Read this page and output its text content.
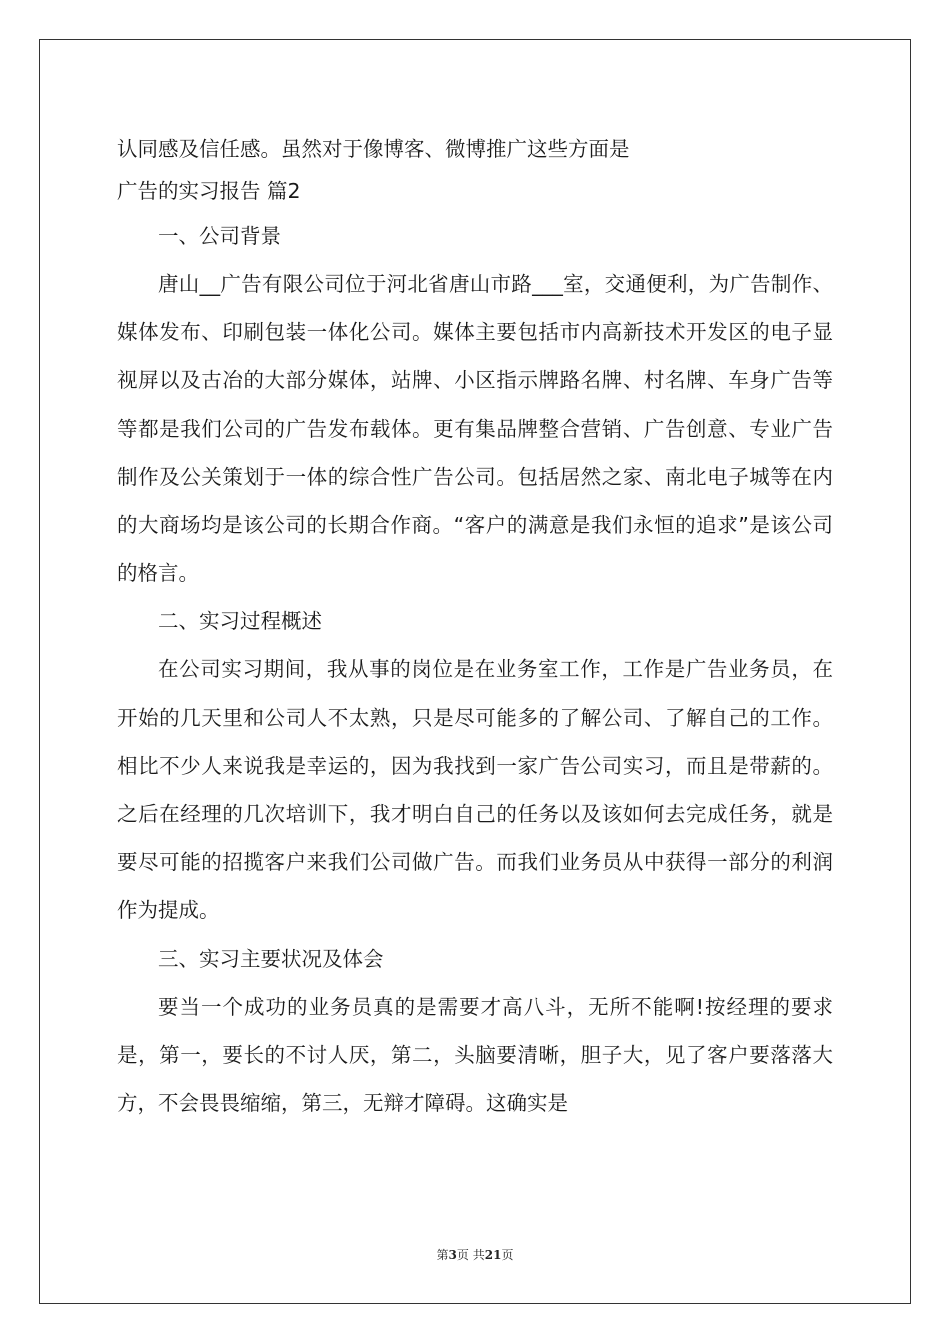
认同感及信任感。虽然对于像博客、微博推广这些方面是

广告的实习报告 篇2

一、公司背景

唐山__广告有限公司位于河北省唐山市路___室，交通便利，为广告制作、媒体发布、印刷包装一体化公司。媒体主要包括市内高新技术开发区的电子显视屏以及古冶的大部分媒体，站牌、小区指示牌路名牌、村名牌、车身广告等等都是我们公司的广告发布载体。更有集品牌整合营销、广告创意、专业广告制作及公关策划于一体的综合性广告公司。包括居然之家、南北电子城等在内的大商场均是该公司的长期合作商。“客户的满意是我们永恒的追求”是该公司的格言。

二、实习过程概述

在公司实习期间，我从事的岗位是在业务室工作，工作是广告业务员，在开始的几天里和公司人不太熟，只是尽可能多的了解公司、了解自己的工作。相比不少人来说我是幸运的，因为我找到一家广告公司实习，而且是带薪的。之后在经理的几次培训下，我才明白自己的任务以及该如何去完成任务，就是要尽可能的招揽客户来我们公司做广告。而我们业务员从中获得一部分的利润作为提成。

三、实习主要状况及体会

要当一个成功的业务员真的是需要才高八斗，无所不能啊!按经理的要求是，第一，要长的不讨人厌，第二，头脑要清晰，胆子大，见了客户要落落大方，不会畏畏缩缩，第三，无辩才障碍。这确实是

第3页 共21页
